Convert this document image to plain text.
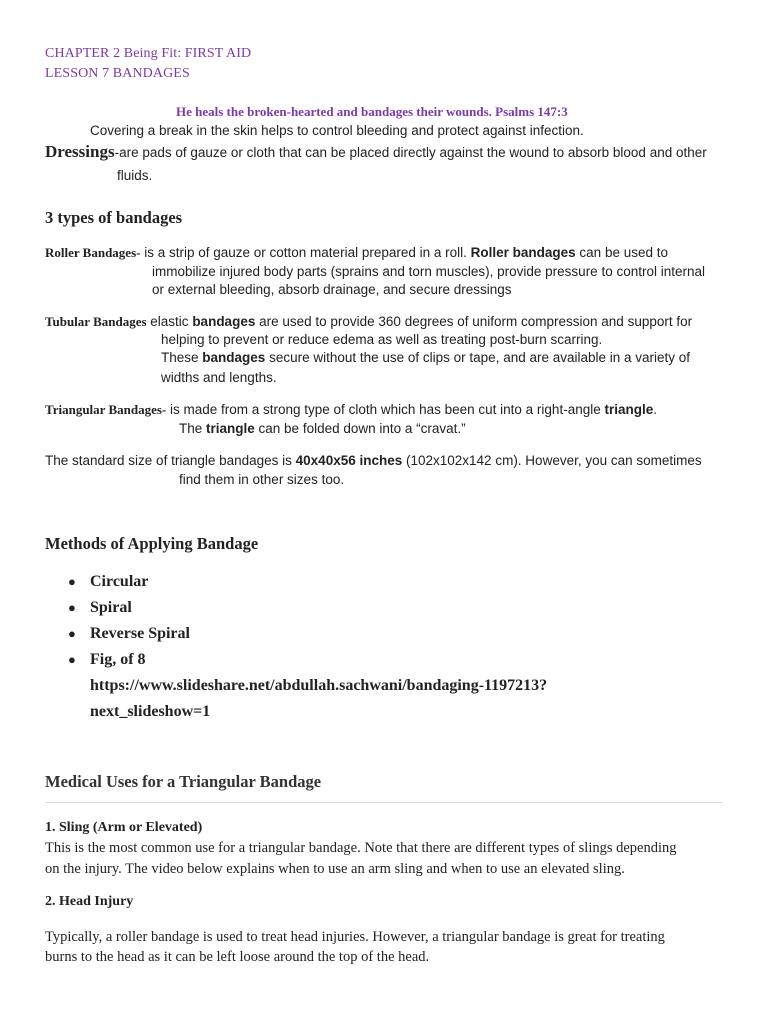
CHAPTER 2 Being Fit: FIRST AID
LESSON 7 BANDAGES
He heals the broken-hearted and bandages their wounds. Psalms 147:3
Covering a break in the skin helps to control bleeding and protect against infection.
Dressings-are pads of gauze or cloth that can be placed directly against the wound to absorb blood and other
fluids.
3 types of bandages
Roller Bandages- is a strip of gauze or cotton material prepared in a roll. Roller bandages can be used to
immobilize injured body parts (sprains and torn muscles), provide pressure to control internal
or external bleeding, absorb drainage, and secure dressings
Tubular Bandages elastic bandages are used to provide 360 degrees of uniform compression and support for
helping to prevent or reduce edema as well as treating post-burn scarring.
These bandages secure without the use of clips or tape, and are available in a variety of
widths and lengths.
Triangular Bandages- is made from a strong type of cloth which has been cut into a right-angle triangle.
The triangle can be folded down into a “cravat.”
The standard size of triangle bandages is 40x40x56 inches (102x102x142 cm). However, you can sometimes
find them in other sizes too.
Methods of Applying Bandage
● Circular
● Spiral
● Reverse Spiral
● Fig, of 8
https://www.slideshare.net/abdullah.sachwani/bandaging-1197213?
next_slideshow=1
Medical Uses for a Triangular Bandage
1. Sling (Arm or Elevated)
This is the most common use for a triangular bandage. Note that there are different types of slings depending
on the injury. The video below explains when to use an arm sling and when to use an elevated sling.
2. Head Injury
Typically, a roller bandage is used to treat head injuries. However, a triangular bandage is great for treating
burns to the head as it can be left loose around the top of the head.
